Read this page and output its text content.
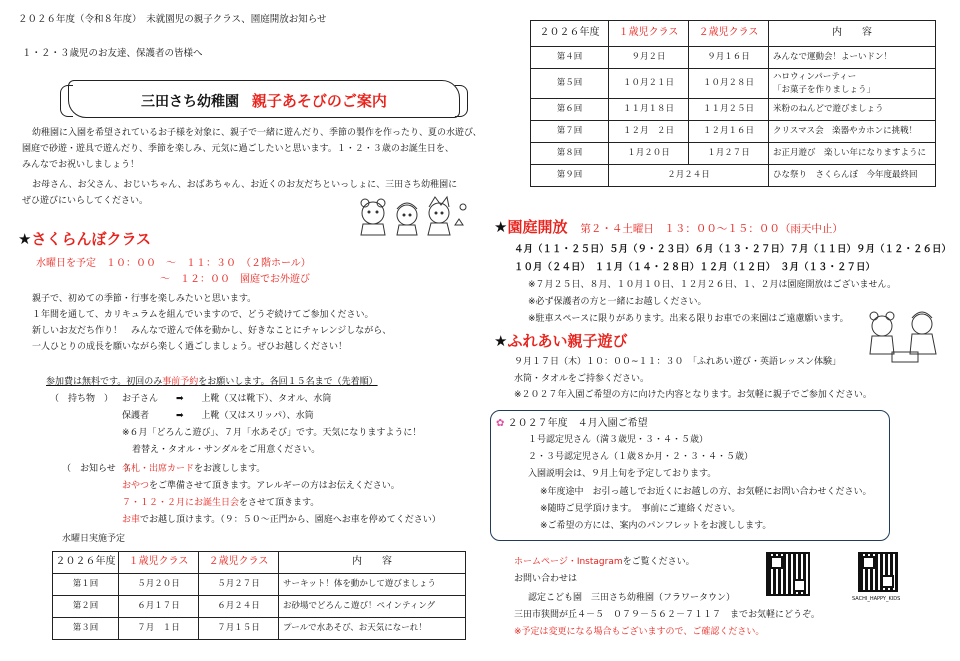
２０２６年度（令和８年度）　未就園児の親子クラス、園庭開放お知らせ
１・２・３歳児のお友達、保護者の皆様へ
三田さち幼稚園 親子あそびのご案内
幼稚園に入園を希望されているお子様を対象に、親子で一緒に遊んだり、季節の製作を作ったり、夏の水遊び、
園庭で砂遊・遊具で遊んだり、季節を楽しみ、元気に過ごしたいと思います。１・２・３歳のお誕生日を、
みんなでお祝いしましょう！
お母さん、お父さん、おじいちゃん、おばあちゃん、お近くのお友だちといっしょに、三田さち幼稚園に
ぜひ遊びにいらしてください。
★さくらんぼクラス
水曜日を予定　１０：００　～　１１：３０　（２階ホール）
～　１２：００　園庭でお外遊び
親子で、初めての季節・行事を楽しみたいと思います。
１年間を通して、カリキュラムを組んでいますので、どうぞ続けてご参加ください。
新しいお友だち作り！　みんなで遊んで体を動かし、好きなことにチャレンジしながら、
一人ひとりの成長を願いながら楽しく過ごしましょう。ぜひお越しください！
参加費は無料です。初回のみ事前予約をお願いします。各回１５名まで（先着順）
（　持ち物　） お子さん　　➡　　上靴（又は靴下）、タオル、水筒
保護者　　　➡　　上靴（又はスリッパ）、水筒
※６月「どろんこ遊び」、７月「水あそび」です。天気になりますように！
着替え・タオル・サンダルをご用意ください。
（　お知らせ　）
名札・出席カードをお渡しします。
おやつをご準備させて頂きます。アレルギーの方はお伝えください。
７・１２・２月にお誕生日会をさせて頂きます。
お車でお越し頂けます。（９：５０～正門から、園庭へお車を停めてください）
水曜日実施予定
２０２６年度	１歳児クラス	２歳児クラス	内　　容
第１回	５月２０日	５月２７日	サーキット！体を動かして遊びましょう
第２回	６月１７日	６月２４日	お砂場でどろんこ遊び！ペインティング
第３回	７月　１日	７月１５日	プールで水あそび、お天気になーれ！
２０２６年度	１歳児クラス	２歳児クラス	内　　容
第４回	９月２日	９月１６日	みんなで運動会！よーいドン！
第５回	１０月２１日	１０月２８日	ハロウィンパーティー
「お菓子を作りましょう」
第６回	１１月１８日	１１月２５日	米粉のねんどで遊びましょう
第７回	１２月　２日	１２月１６日	クリスマス会　楽器やカホンに挑戦！
第８回	１月２０日	１月２７日	お正月遊び　楽しい年になりますように
第９回	２月２４日		ひな祭り　さくらんぼ　今年度最終回
★園庭開放 第２・４土曜日　１３：００～１５：００（雨天中止）
４月（１１・２５日）５月（９・２３日）６月（１３・２７日）７月（１１日）９月（１２・２６日）
１０月（２４日）　１１月（１４・２８日）１２月（１２日）　３月（１３・２７日）
※７月２５日、８月、１０月１０日、１２月２６日、１、２月は園庭開放はございません。
※必ず保護者の方と一緒にお越しください。
※駐車スペースに限りがあります。出来る限りお車での来園はご遠慮願います。
★ふれあい親子遊び
９月１７日（木）１０：００~１１：３０　「ふれあい遊び・英語レッスン体験」
水筒・タオルをご持参ください。
※２０２７年入園ご希望の方に向けた内容となります。お気軽に親子でご参加ください。
✿ ２０２７年度　４月入園ご希望
１号認定児さん（満３歳児・３・４・５歳）
２・３号認定児さん（１歳８か月・２・３・４・５歳）
入園説明会は、９月上旬を予定しております。
※年度途中　お引っ越しでお近くにお越しの方、お気軽にお問い合わせください。
※随時ご見学頂けます。　事前にご連絡ください。
※ご希望の方には、案内のパンフレットをお渡しします。
ホームページ・Instagramをご覧ください。
お問い合わせは
認定こども園　三田さち幼稚園（フラワータウン）
三田市狭間が丘４－５　０７９－５６２－７１１７　までお気軽にどうぞ。
※予定は変更になる場合もございますので、ご確認ください。
SACHI_HAPPY_KIDS
